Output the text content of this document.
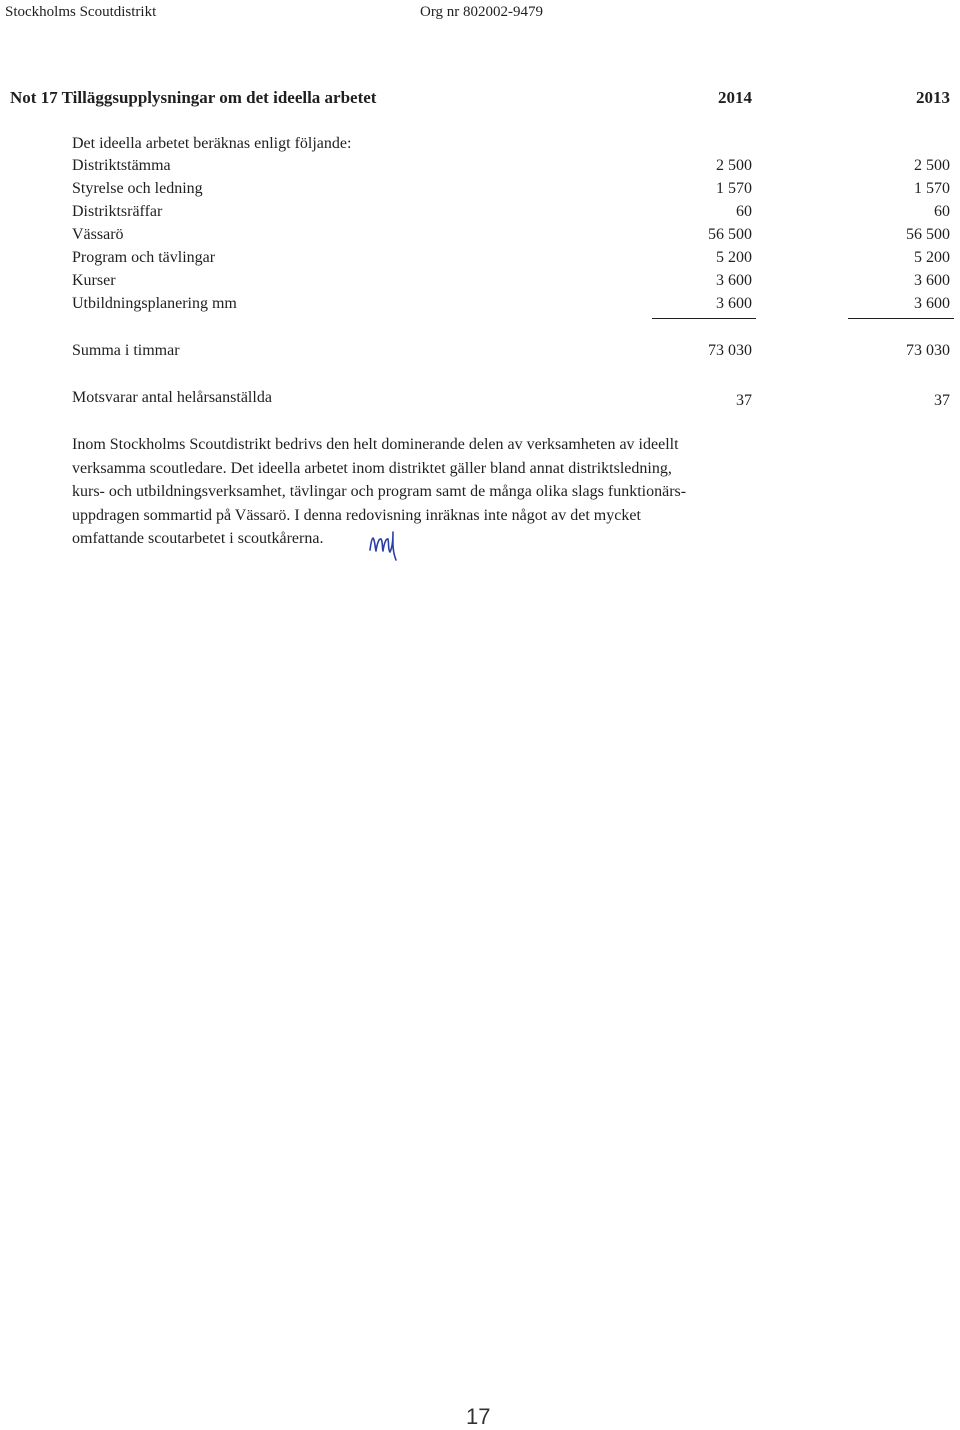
Stockholms Scoutdistrikt	Org nr 802002-9479
Not 17 Tilläggsupplysningar om det ideella arbetet	2014	2013
Det ideella arbetet beräknas enligt följande:
Distriktstämma	2 500	2 500
Styrelse och ledning	1 570	1 570
Distriktsräffar	60	60
Vässarö	56 500	56 500
Program och tävlingar	5 200	5 200
Kurser	3 600	3 600
Utbildningsplanering mm	3 600	3 600
Summa i timmar	73 030	73 030
Motsvarar antal helårsanställda	37	37
Inom Stockholms Scoutdistrikt bedrivs den helt dominerande delen av verksamheten av ideellt
verksamma scoutledare. Det ideella arbetet inom distriktet gäller bland annat distriktsledning,
kurs- och utbildningsverksamhet, tävlingar och program samt de många olika slags funktionärs-
uppdragen sommartid på Vässarö. I denna redovisning inräknas inte något av det mycket
omfattande scoutarbetet i scoutkårerna.
17
